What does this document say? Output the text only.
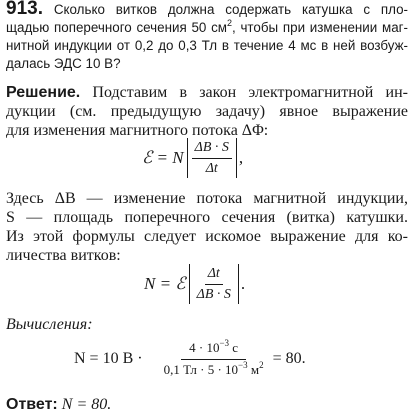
913. Сколько витков должна содержать катушка с пло-
щадью поперечного сечения 50 $см^2$, чтобы при изменении маг-
нитной индукции от 0,2 до 0,3 Тл в течение 4 мс в ней возбуж-
далась ЭДС 10 В?
Решение. Подставим в закон электромагнитной ин-
дукции (см. предыдущую задачу) явное выражение
для изменения магнитного потока ΔΦ:
ℰ = N $\frac{\Delta B \cdot S}{\Delta t}$ ,
Здесь ΔB — изменение потока магнитной индукции,
S — площадь поперечного сечения (витка) катушки.
Из этой формулы следует искомое выражение для ко-
личества витков:
N = ℰ $\frac{\Delta t}{\Delta B \cdot S}$ .
Вычисления:
N = 10 $В \cdot \frac{4 \cdot 10^{-3} с}{0,1 Тл \cdot 5 \cdot 10^{-3} м^2} = 80$.
Ответ: N = 80.
